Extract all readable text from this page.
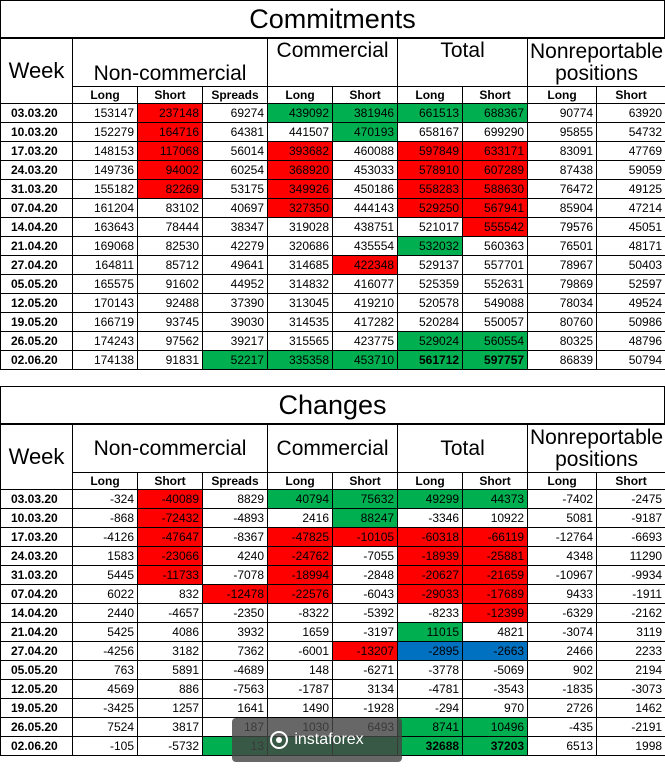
Commitments
Week	Non-commercial			Commercial		Total		Nonreportable positions	
	Long	Short	Spreads	Long	Short	Long	Short	Long	Short
03.03.20	153147	237148	69274	439092	381946	661513	688367	90774	63920
10.03.20	152279	164716	64381	441507	470193	658167	699290	95855	54732
17.03.20	148153	117068	56014	393682	460088	597849	633171	83091	47769
24.03.20	149736	94002	60254	368920	453033	578910	607289	87438	59059
31.03.20	155182	82269	53175	349926	450186	558283	588630	76472	49125
07.04.20	161204	83102	40697	327350	444143	529250	567941	85904	47214
14.04.20	163643	78444	38347	319028	438751	521017	555542	79576	45051
21.04.20	169068	82530	42279	320686	435554	532032	560363	76501	48171
27.04.20	164811	85712	49641	314685	422348	529137	557701	78967	50403
05.05.20	165575	91602	44952	314832	416077	525359	552631	79869	52597
12.05.20	170143	92488	37390	313045	419210	520578	549088	78034	49524
19.05.20	166719	93745	39030	314535	417282	520284	550057	80760	50986
26.05.20	174243	97562	39217	315565	423775	529024	560554	80325	48796
02.06.20	174138	91831	52217	335358	453710	561712	597757	86839	50794
Changes
Week	Non-commercial			Commercial		Total		Nonreportable positions	
	Long	Short	Spreads	Long	Short	Long	Short	Long	Short
03.03.20	-324	-40089	8829	40794	75632	49299	44373	-7402	-2475
10.03.20	-868	-72432	-4893	2416	88247	-3346	10922	5081	-9187
17.03.20	-4126	-47647	-8367	-47825	-10105	-60318	-66119	-12764	-6693
24.03.20	1583	-23066	4240	-24762	-7055	-18939	-25881	4348	11290
31.03.20	5445	-11733	-7078	-18994	-2848	-20627	-21659	-10967	-9934
07.04.20	6022	832	-12478	-22576	-6043	-29033	-17689	9433	-1911
14.04.20	2440	-4657	-2350	-8322	-5392	-8233	-12399	-6329	-2162
21.04.20	5425	4086	3932	1659	-3197	11015	4821	-3074	3119
27.04.20	-4256	3182	7362	-6001	-13207	-2895	-2663	2466	2233
05.05.20	763	5891	-4689	148	-6271	-3778	-5069	902	2194
12.05.20	4569	886	-7563	-1787	3134	-4781	-3543	-1835	-3073
19.05.20	-3425	1257	1641	1490	-1928	-294	970	2726	1462
26.05.20	7524	3817				8741	10496	-435	-2191
02.06.20	-105	-5732				32688	37203	6513	1998
instaforex
